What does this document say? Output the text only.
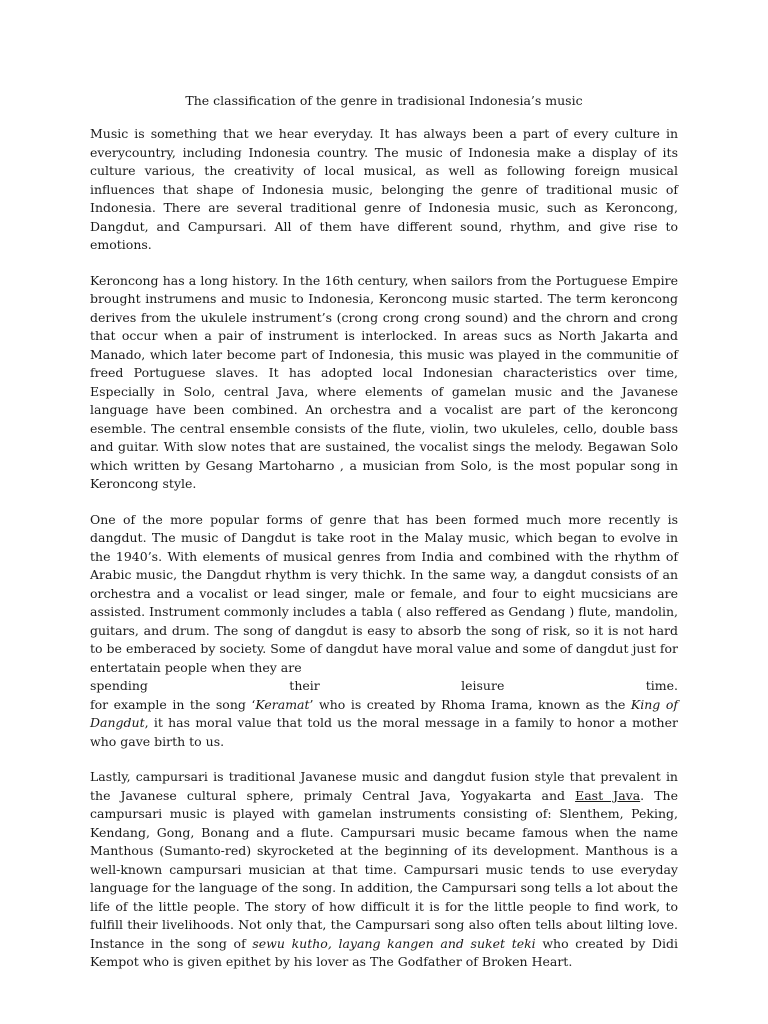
The classification of the genre in tradisional Indonesia’s music

Music is something that we hear everyday. It has always been a part of every culture in everycountry, including Indonesia country. The music of Indonesia make a display of its culture various, the creativity of local musical, as well as following foreign musical influences that shape of Indonesia music, belonging the genre of traditional music of Indonesia. There are several traditional genre of Indonesia music, such as Keroncong, Dangdut, and Campursari. All of them have different sound, rhythm, and give rise to emotions.

Keroncong has a long history. In the 16th century, when sailors from the Portuguese Empire brought instrumens and music to Indonesia, Keroncong music started. The term keroncong derives from the ukulele instrument’s (crong crong crong sound) and the chrorn and crong that occur when a pair of instrument is interlocked. In areas sucs as North Jakarta and Manado, which later become part of Indonesia, this music was played in the communitie of freed Portuguese slaves. It has adopted local Indonesian characteristics over time, Especially in Solo, central Java, where elements of gamelan music and the Javanese language have been combined. An orchestra and a vocalist are part of the keroncong esemble. The central ensemble consists of the flute, violin, two ukuleles, cello, double bass and guitar. With slow notes that are sustained, the vocalist sings the melody. Begawan Solo which written by Gesang Martoharno , a musician from Solo, is the most popular song in Keroncong style.

One of the more popular forms of genre that has been formed much more recently is dangdut. The music of Dangdut is take root in the Malay music, which began to evolve in the 1940’s. With elements of musical genres from India and combined with the rhythm of Arabic music, the Dangdut rhythm is very thichk. In the same way, a dangdut consists of an orchestra and a vocalist or lead singer, male or female, and four to eight mucsicians are assisted. Instrument commonly includes a tabla ( also reffered as Gendang ) flute, mandolin, guitars, and drum. The song of dangdut is easy to absorb the song of risk, so it is not hard to be emberaced by society. Some of dangdut have moral value and some of dangdut just for entertatain people when they are
spending	their	leisure	time.
for example in the song ‘Keramat’ who is created by Rhoma Irama, known as the King of Dangdut, it has moral value that told us the moral message in a family to honor a mother who gave birth to us.

Lastly, campursari is traditional Javanese music and dangdut fusion style that prevalent in the Javanese cultural sphere, primaly Central Java, Yogyakarta and East Java. The campursari music is played with gamelan instruments consisting of: Slenthem, Peking, Kendang, Gong, Bonang and a flute. Campursari music became famous when the name Manthous (Sumanto-red) skyrocketed at the beginning of its development. Manthous is a well-known campursari musician at that time. Campursari music tends to use everyday language for the language of the song. In addition, the Campursari song tells a lot about the life of the little people. The story of how difficult it is for the little people to find work, to fulfill their livelihoods. Not only that, the Campursari song also often tells about lilting love. Instance in the song of sewu kutho, layang kangen and suket teki who created by Didi Kempot who is given epithet by his lover as The Godfather of Broken Heart.
